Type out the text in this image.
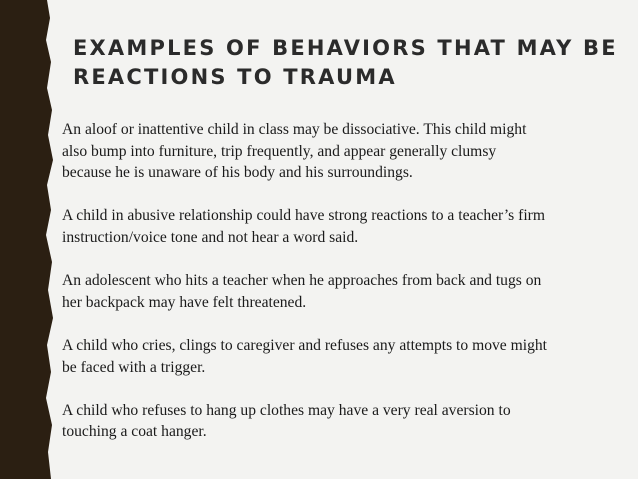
EXAMPLES OF BEHAVIORS THAT MAY BE
REACTIONS TO TRAUMA

An aloof or inattentive child in class may be dissociative. This child might
also bump into furniture, trip frequently, and appear generally clumsy
because he is unaware of his body and his surroundings.

A child in abusive relationship could have strong reactions to a teacher’s firm
instruction/voice tone and not hear a word said.

An adolescent who hits a teacher when he approaches from back and tugs on
her backpack may have felt threatened.

A child who cries, clings to caregiver and refuses any attempts to move might
be faced with a trigger.

A child who refuses to hang up clothes may have a very real aversion to
touching a coat hanger.
